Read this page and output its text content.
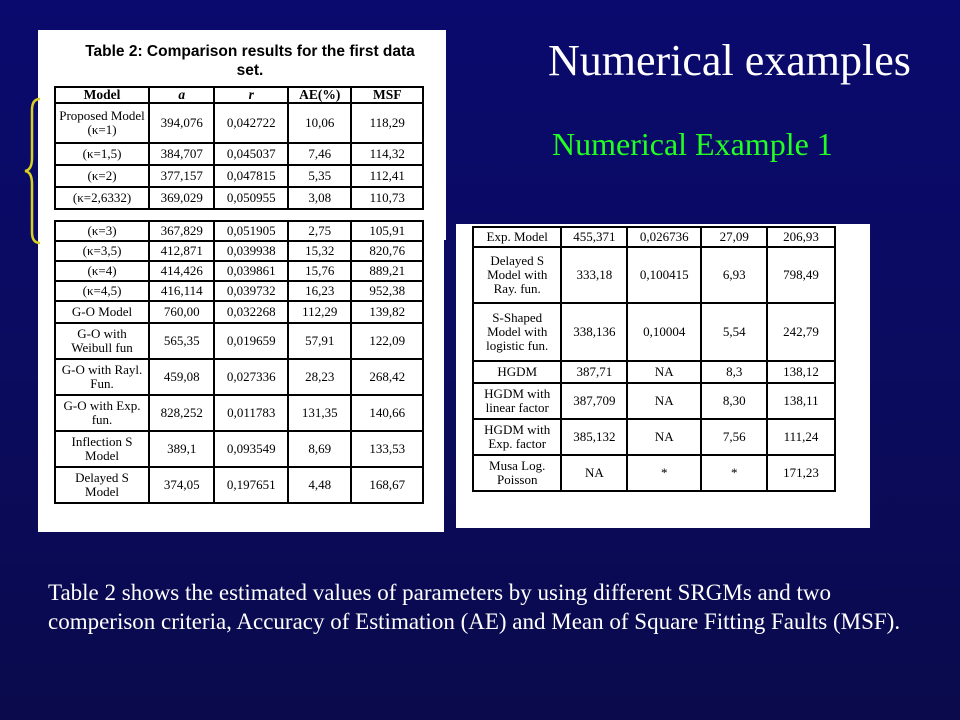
Table 2: Comparison results for the first data set.
Model	a	r	AE(%)	MSF
Proposed Model (κ=1)	394,076	0,042722	10,06	118,29
(κ=1,5)	384,707	0,045037	7,46	114,32
(κ=2)	377,157	0,047815	5,35	112,41
(κ=2,6332)	369,029	0,050955	3,08	110,73
(κ=3)	367,829	0,051905	2,75	105,91
(κ=3,5)	412,871	0,039938	15,32	820,76
(κ=4)	414,426	0,039861	15,76	889,21
(κ=4,5)	416,114	0,039732	16,23	952,38
G-O Model	760,00	0,032268	112,29	139,82
G-O with Weibull fun	565,35	0,019659	57,91	122,09
G-O with Rayl. Fun.	459,08	0,027336	28,23	268,42
G-O with Exp. fun.	828,252	0,011783	131,35	140,66
Inflection S Model	389,1	0,093549	8,69	133,53
Delayed S Model	374,05	0,197651	4,48	168,67
Exp. Model	455,371	0,026736	27,09	206,93
Delayed S Model with Ray. fun.	333,18	0,100415	6,93	798,49
S-Shaped Model with logistic fun.	338,136	0,10004	5,54	242,79
HGDM	387,71	NA	8,3	138,12
HGDM with linear factor	387,709	NA	8,30	138,11
HGDM with Exp. factor	385,132	NA	7,56	111,24
Musa Log. Poisson	NA	*	*	171,23
Numerical examples
Numerical Example 1
Table 2 shows the estimated values of parameters by using different SRGMs and two comperison criteria, Accuracy of Estimation (AE) and Mean of Square Fitting Faults (MSF).
